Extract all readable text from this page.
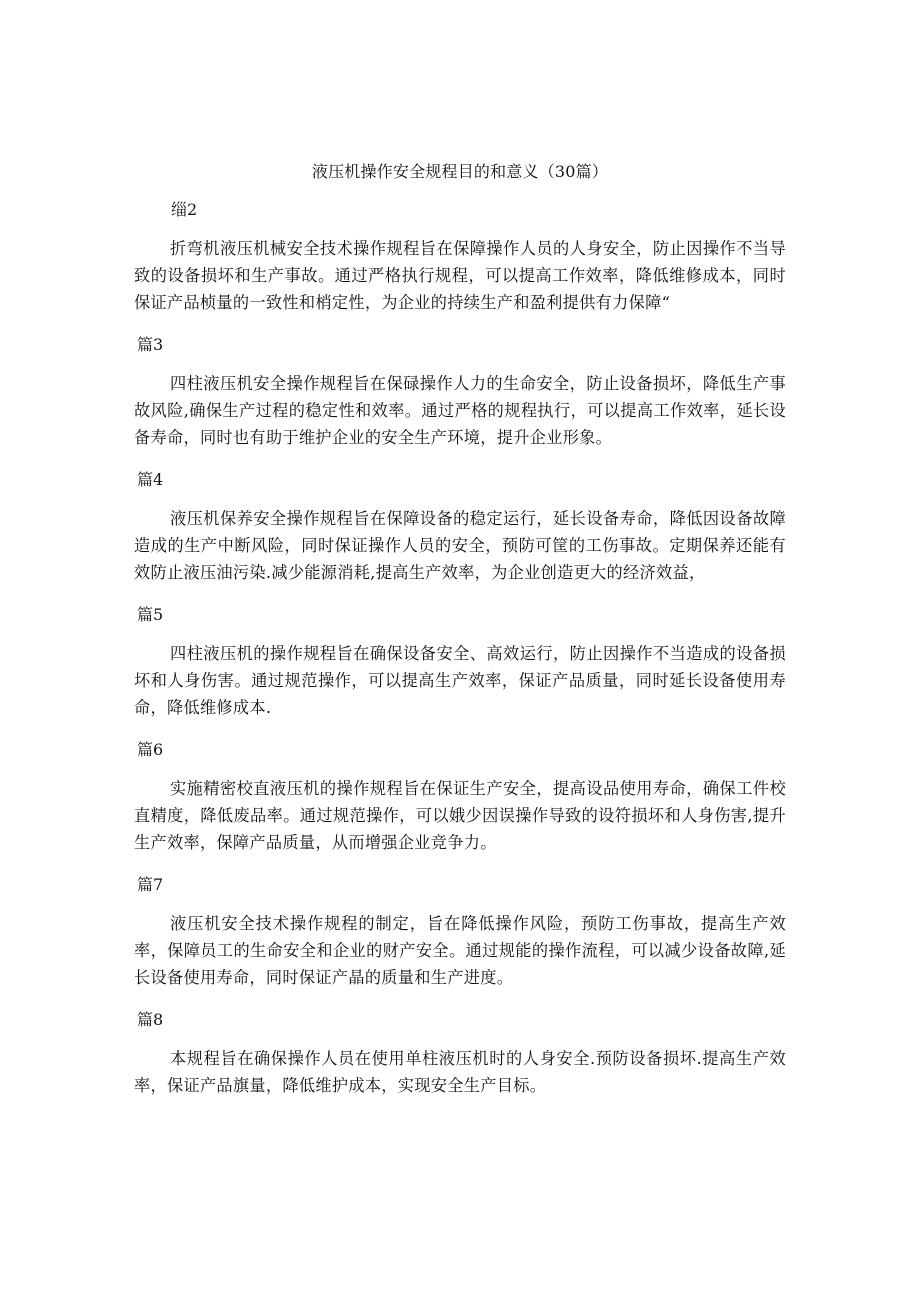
液压机操作安全规程目的和意义（30篇）
缁2
折弯机液压机械安全技术操作规程旨在保障操作人员的人身安全，防止因操作不当导致的设备损坏和生产事故。通过严格执行规程，可以提高工作效率，降低维修成本，同时保证产品桢量的一致性和梢定性，为企业的持续生产和盈利提供有力保障“
篇3
四柱液压机安全操作规程旨在保碌操作人力的生命安全，防止设备损坏，降低生产事故风险,确保生产过程的稳定性和效率。通过严格的规程执行，可以提高工作效率，延长设备寿命，同时也有助于维护企业的安全生产环境，提升企业形象。
篇4
液压机保养安全操作规程旨在保障设备的稳定运行，延长设备寿命，降低因设备故障造成的生产中断风险，同时保证操作人员的安全，预防可筐的工伤事故。定期保养还能有效防止液压油污染.减少能源消耗,提高生产效率，为企业创造更大的经济效益，
篇5
四柱液压机的操作规程旨在确保设备安全、高效运行，防止因操作不当造成的设备损坏和人身伤害。通过规范操作，可以提高生产效率，保证产品质量，同时延长设备使用寿命，降低维修成本.
篇6
实施精密校直液压机的操作规程旨在保证生产安全，提高设品使用寿命，确保工件校直精度，降低废品率。通过规范操作，可以娥少因误操作导致的设符损坏和人身伤害,提升生产效率，保障产品质量，从而增强企业竞争力。
篇7
液压机安全技术操作规程的制定，旨在降低操作风险，预防工伤事故，提高生产效率，保障员工的生命安全和企业的财产安全。通过规能的操作流程，可以减少设备故障,延长设备使用寿命，同时保证产晶的质量和生产进度。
篇8
本规程旨在确保操作人员在使用单柱液压机时的人身安全.预防设备损坏.提高生产效率，保证产品旗量，降低维护成本，实现安全生产目标。
